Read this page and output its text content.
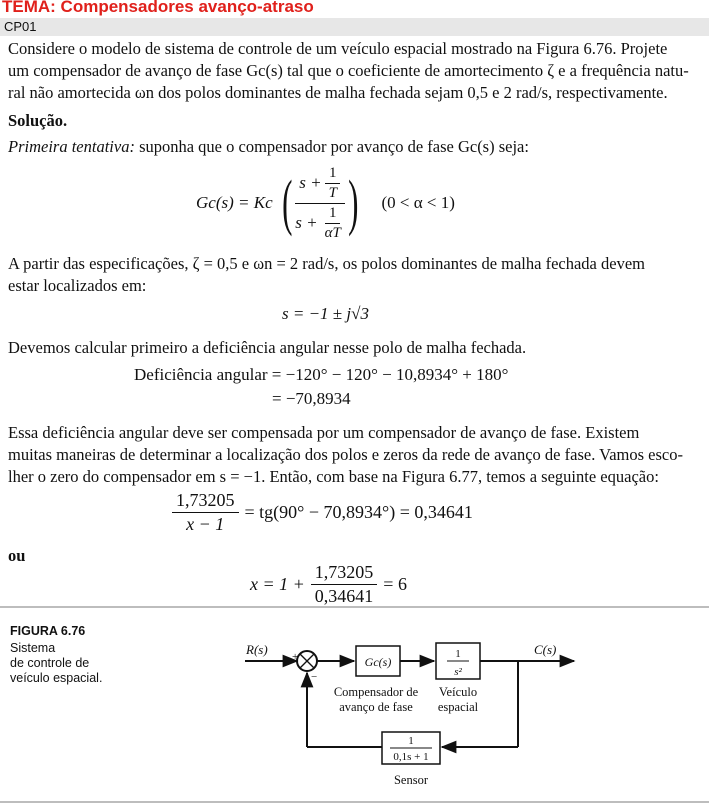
TEMA: Compensadores avanço-atraso
CP01
Considere o modelo de sistema de controle de um veículo espacial mostrado na Figura 6.76. Projete
um compensador de avanço de fase Gc(s) tal que o coeficiente de amortecimento ζ e a frequência natu-
ral não amortecida ωn dos polos dominantes de malha fechada sejam 0,5 e 2 rad/s, respectivamente.
Solução.
Primeira tentativa: suponha que o compensador por avanço de fase Gc(s) seja:
Gc(s) = Kc ( $\frac{s + \frac{1}{T}}{s + \frac{1}{\alpha T}}$ ) (0 < α < 1)
A partir das especificações, ζ = 0,5 e ωn = 2 rad/s, os polos dominantes de malha fechada devem
estar localizados em:
s = −1 ± j√3
Devemos calcular primeiro a deficiência angular nesse polo de malha fechada.
Deficiência angular = −120° − 120° − 10,8934° + 180°
= −70,8934
Essa deficiência angular deve ser compensada por um compensador de avanço de fase. Existem
muitas maneiras de determinar a localização dos polos e zeros da rede de avanço de fase. Vamos esco-
lher o zero do compensador em s = −1. Então, com base na Figura 6.77, temos a seguinte equação:
$\frac{1,73205}{x - 1} = tg(90^\circ - 70,8934^\circ) = 0,34641$
ou
$x = 1 + \frac{1,73205}{0,34641} = 6$
FIGURA 6.76
Sistema
de controle de
veículo espacial.
R(s)	C(s)
+
−
Gc(s)
1
s²
1
0,1s + 1
Compensador de
avanço de fase
Veículo
espacial
Sensor
